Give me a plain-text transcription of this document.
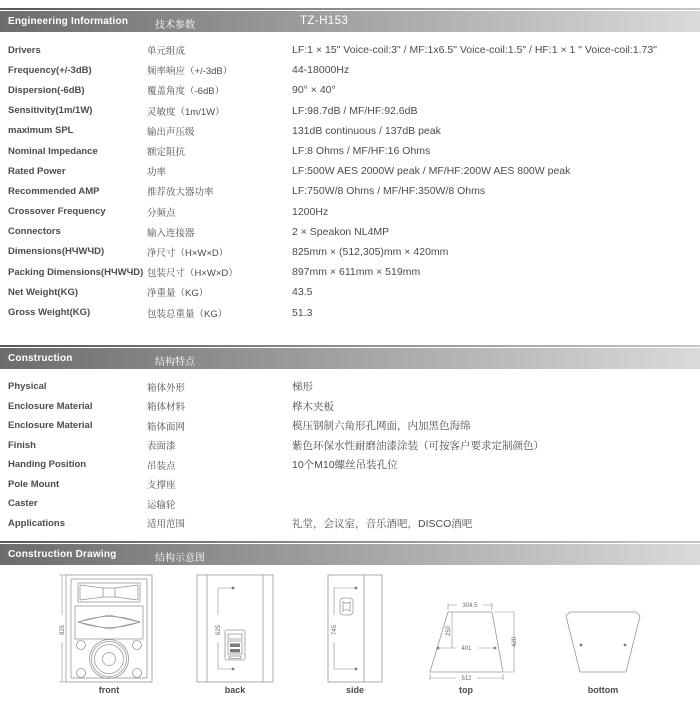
Engineering Information	技术参数	TZ-H153
Drivers	单元组成	LF:1 × 15" Voice-coil:3" / MF:1x6.5" Voice-coil:1.5" / HF:1 × 1 " Voice-coil:1.73"
Frequency(+/-3dB)	频率响应（+/-3dB）	44-18000Hz
Dispersion(-6dB)	覆盖角度（-6dB）	90° × 40°
Sensitivity(1m/1W)	灵敏度（1m/1W）	LF:98.7dB / MF/HF:92.6dB
maximum SPL	输出声压级	131dB continuous / 137dB peak
Nominal Impedance	额定阻抗	LF:8 Ohms / MF/HF:16 Ohms
Rated Power	功率	LF:500W AES 2000W peak / MF/HF:200W AES 800W peak
Recommended AMP	推荐放大器功率	LF:750W/8 Ohms / MF/HF:350W/8 Ohms
Crossover Frequency	分频点	1200Hz
Connectors	输入连接器	2 × Speakon NL4MP
Dimensions(HЧWЧD)	净尺寸（H×W×D）	825mm × (512,305)mm × 420mm
Packing Dimensions(HЧWЧD) 包装尺寸（H×W×D）	897mm × 611mm × 519mm
Net Weight(KG)	净重量（KG）	43.5
Gross Weight(KG)	包装总重量（KG）	51.3
Construction	结构特点
Physical	箱体外形	梯形
Enclosure Material	箱体材料	桦木夹板
Enclosure Material	箱体面网	模压钢制六角形孔网面，内加黑色海绵
Finish	表面漆	紫色环保水性耐磨油漆涂装（可按客户要求定制颜色）
Handing Position	吊装点	10个M10螺丝吊装孔位
Pole Mount	支撑座
Caster	运输轮
Applications	适用范围	礼堂，会议室，音乐酒吧，DISCO酒吧
Construction Drawing	结构示意图
825	625	745
304.5
250
401
420
512
front	back	side	top	bottom
